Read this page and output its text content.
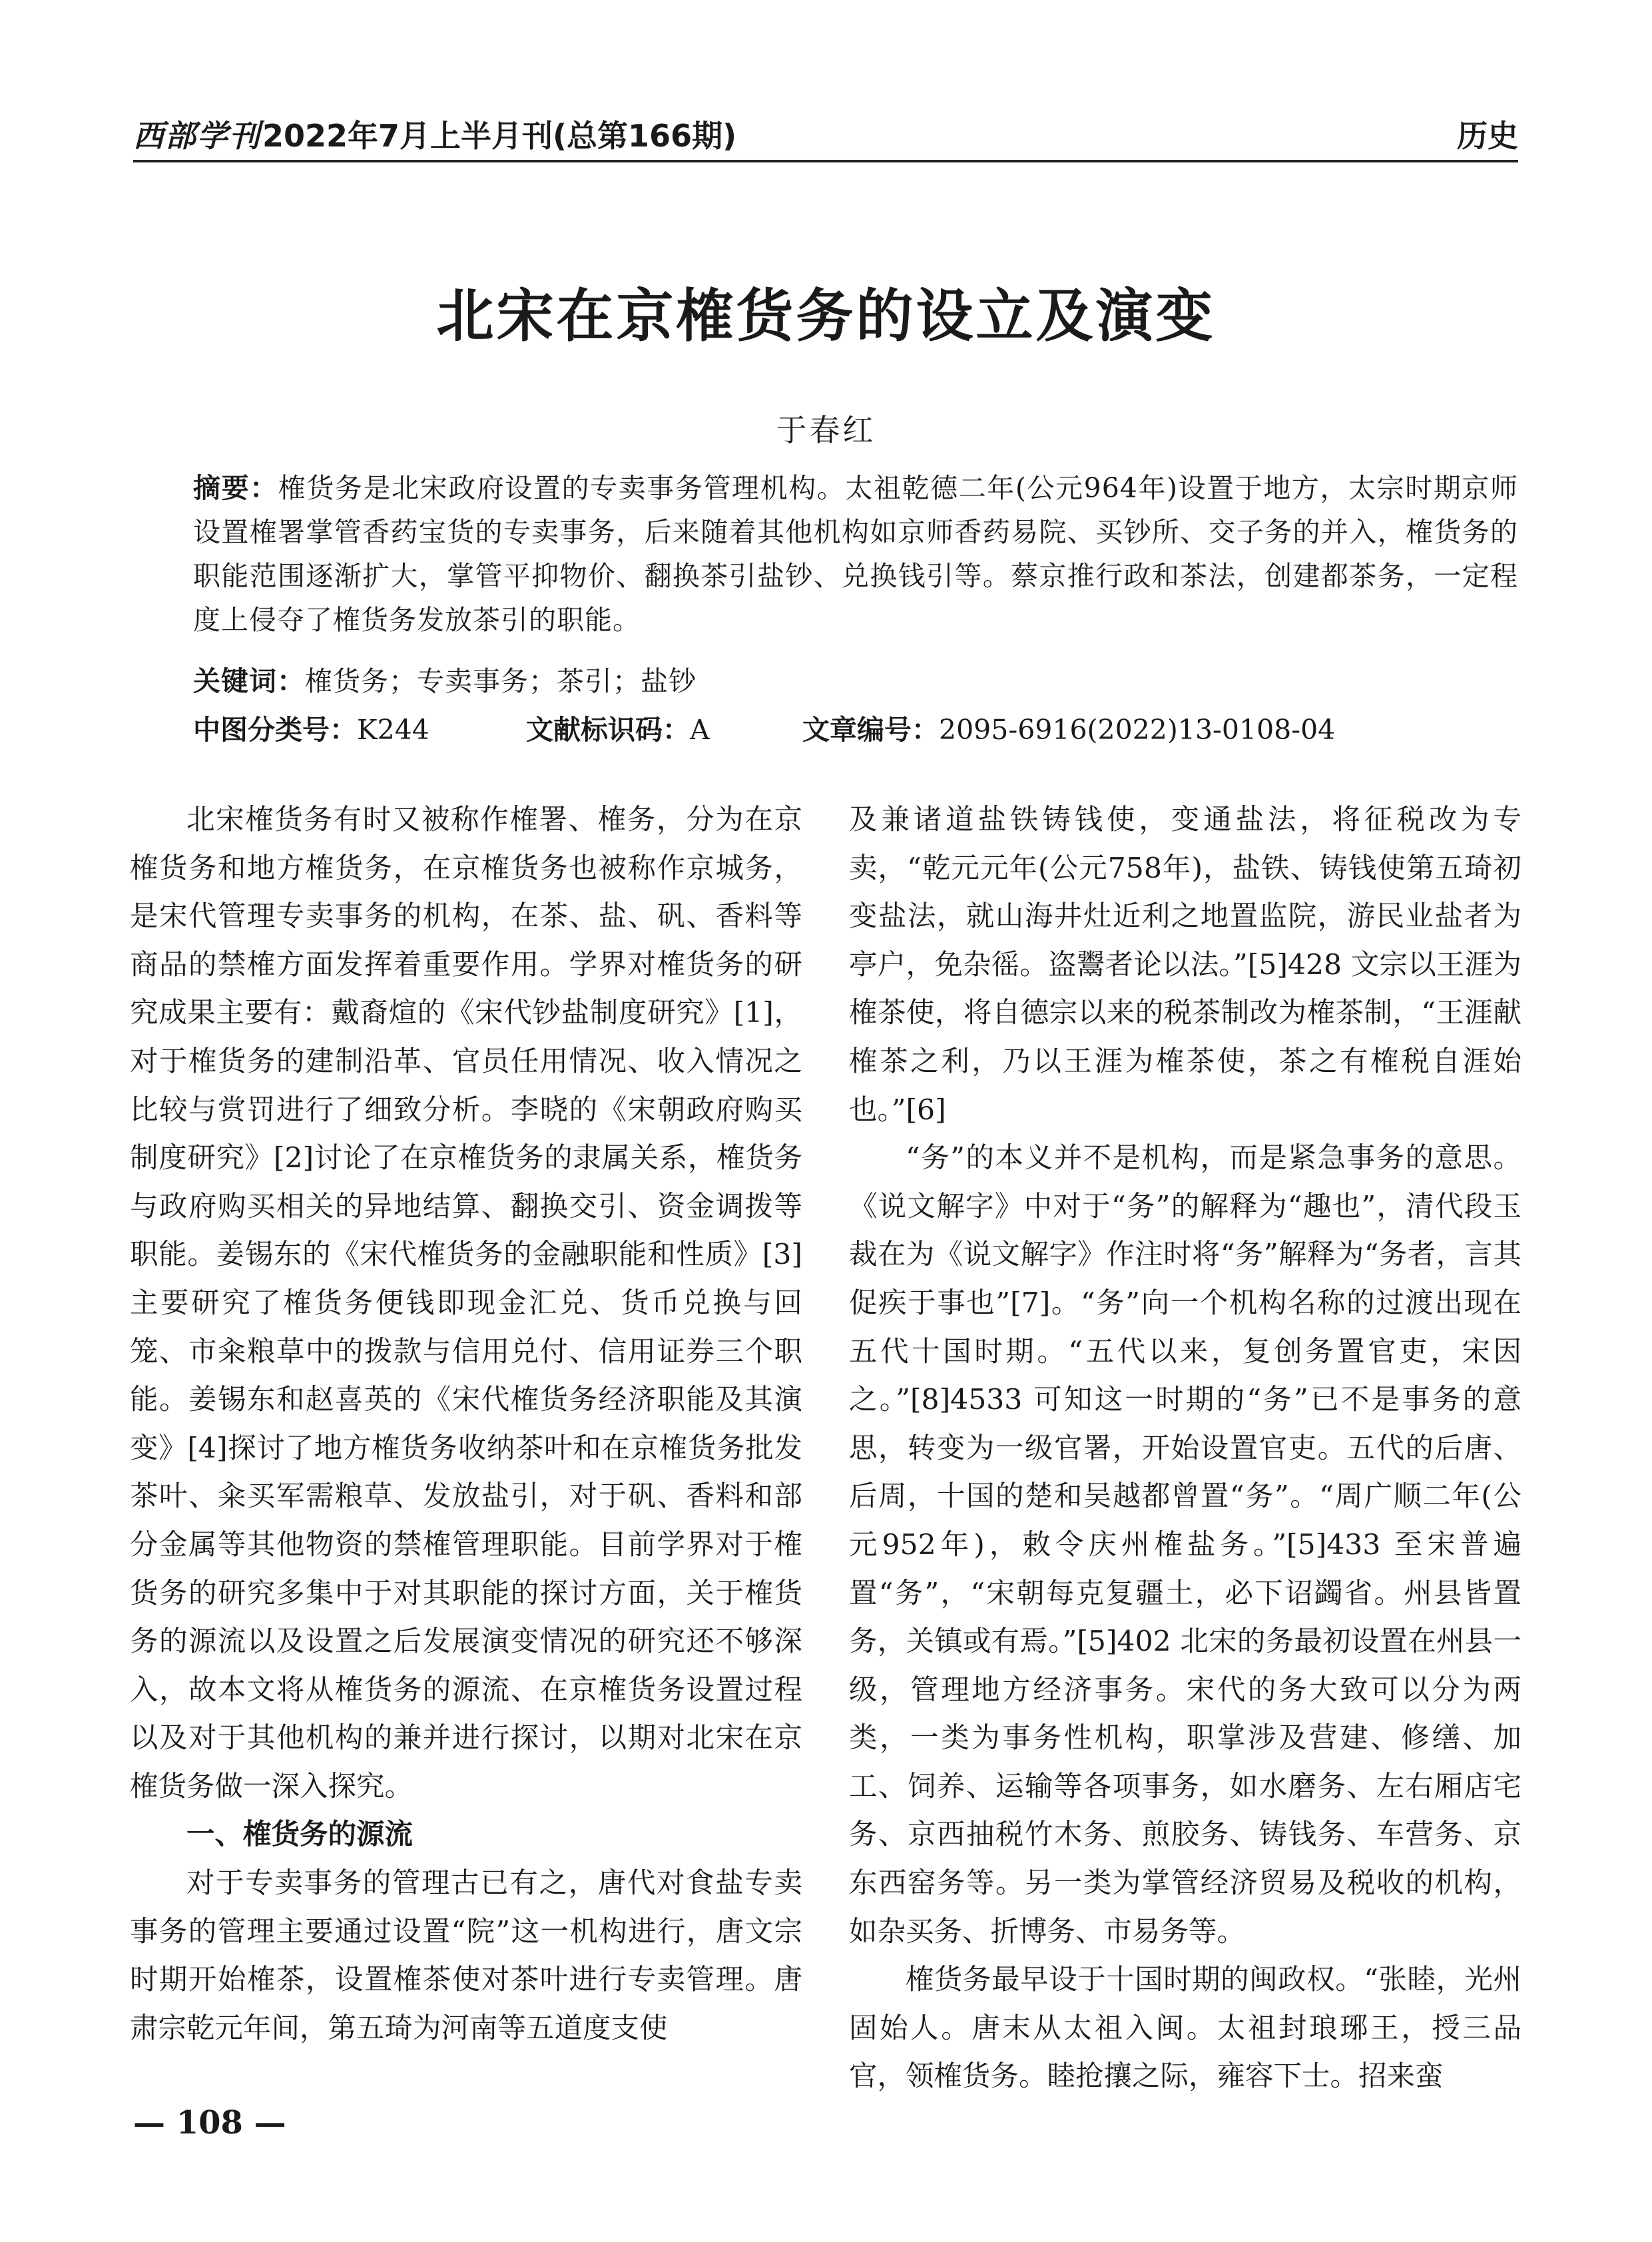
西部学刊2022年7月上半月刊(总第166期)	历史
北宋在京榷货务的设立及演变
于春红
摘要：榷货务是北宋政府设置的专卖事务管理机构。太祖乾德二年(公元964年)设置于地方，太宗时期京师设置榷署掌管香药宝货的专卖事务，后来随着其他机构如京师香药易院、买钞所、交子务的并入，榷货务的职能范围逐渐扩大，掌管平抑物价、翻换茶引盐钞、兑换钱引等。蔡京推行政和茶法，创建都茶务，一定程度上侵夺了榷货务发放茶引的职能。
关键词：榷货务；专卖事务；茶引；盐钞
中图分类号：K244	文献标识码：A	文章编号：2095-6916(2022)13-0108-04

北宋榷货务有时又被称作榷署、榷务，分为在京榷货务和地方榷货务，在京榷货务也被称作京城务，是宋代管理专卖事务的机构，在茶、盐、矾、香料等商品的禁榷方面发挥着重要作用。学界对榷货务的研究成果主要有：戴裔煊的《宋代钞盐制度研究》[1]，对于榷货务的建制沿革、官员任用情况、收入情况之比较与赏罚进行了细致分析。李晓的《宋朝政府购买制度研究》[2]讨论了在京榷货务的隶属关系，榷货务与政府购买相关的异地结算、翻换交引、资金调拨等职能。姜锡东的《宋代榷货务的金融职能和性质》[3]主要研究了榷货务便钱即现金汇兑、货币兑换与回笼、市籴粮草中的拨款与信用兑付、信用证券三个职能。姜锡东和赵喜英的《宋代榷货务经济职能及其演变》[4]探讨了地方榷货务收纳茶叶和在京榷货务批发茶叶、籴买军需粮草、发放盐引，对于矾、香料和部分金属等其他物资的禁榷管理职能。目前学界对于榷货务的研究多集中于对其职能的探讨方面，关于榷货务的源流以及设置之后发展演变情况的研究还不够深入，故本文将从榷货务的源流、在京榷货务设置过程以及对于其他机构的兼并进行探讨，以期对北宋在京榷货务做一深入探究。

一、榷货务的源流

对于专卖事务的管理古已有之，唐代对食盐专卖事务的管理主要通过设置“院”这一机构进行，唐文宗时期开始榷茶，设置榷茶使对茶叶进行专卖管理。唐肃宗乾元年间，第五琦为河南等五道度支使

及兼诸道盐铁铸钱使，变通盐法，将征税改为专卖，“乾元元年(公元758年)，盐铁、铸钱使第五琦初变盐法，就山海井灶近利之地置监院，游民业盐者为亭户，免杂徭。盗鬻者论以法。”[5]428 文宗以王涯为榷茶使，将自德宗以来的税茶制改为榷茶制，“王涯献榷茶之利，乃以王涯为榷茶使，茶之有榷税自涯始也。”[6]

“务”的本义并不是机构，而是紧急事务的意思。《说文解字》中对于“务”的解释为“趣也”，清代段玉裁在为《说文解字》作注时将“务”解释为“务者，言其促疾于事也”[7]。“务”向一个机构名称的过渡出现在五代十国时期。“五代以来，复创务置官吏，宋因之。”[8]4533 可知这一时期的“务”已不是事务的意思，转变为一级官署，开始设置官吏。五代的后唐、后周，十国的楚和吴越都曾置“务”。“周广顺二年(公元952年)，敕令庆州榷盐务。”[5]433 至宋普遍置“务”，“宋朝每克复疆土，必下诏蠲省。州县皆置务，关镇或有焉。”[5]402 北宋的务最初设置在州县一级，管理地方经济事务。宋代的务大致可以分为两类，一类为事务性机构，职掌涉及营建、修缮、加工、饲养、运输等各项事务，如水磨务、左右厢店宅务、京西抽税竹木务、煎胶务、铸钱务、车营务、京东西窑务等。另一类为掌管经济贸易及税收的机构，如杂买务、折博务、市易务等。

榷货务最早设于十国时期的闽政权。“张睦，光州固始人。唐末从太祖入闽。太祖封琅琊王，授三品官，领榷货务。睦抢攘之际，雍容下士。招来蛮

— 108 —
